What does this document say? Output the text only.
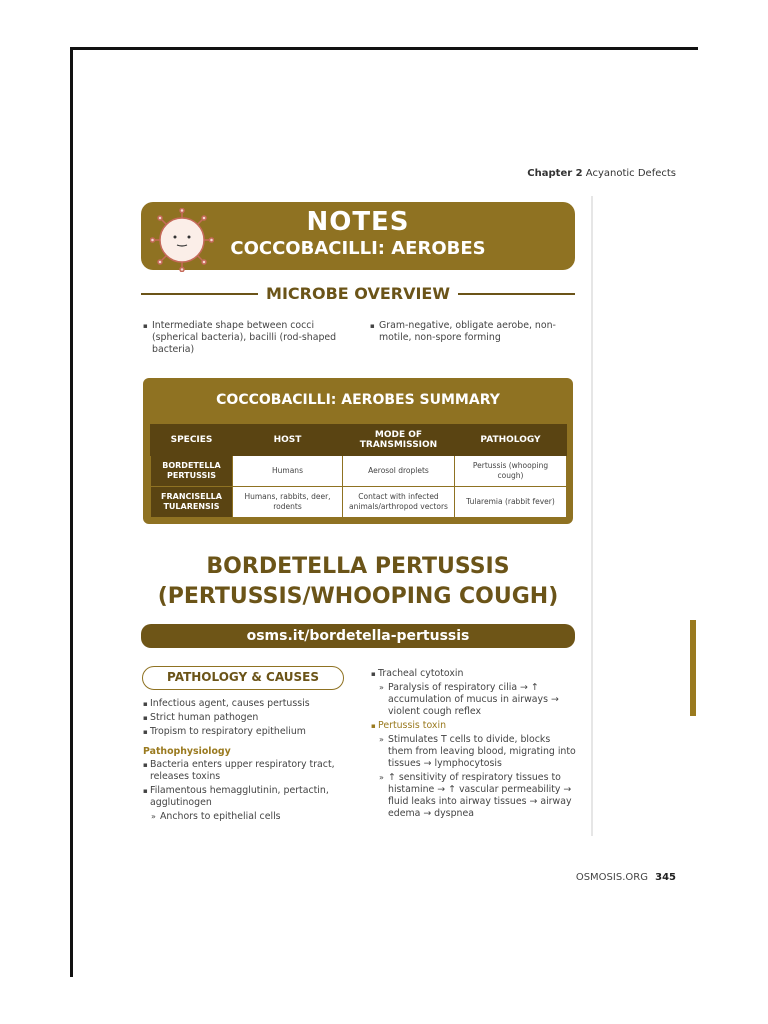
Chapter 2 Acyanotic Defects
NOTES
COCCOBACILLI: AEROBES
MICROBE OVERVIEW
▪ Intermediate shape between cocci (spherical bacteria), bacilli (rod-shaped bacteria)
▪ Gram-negative, obligate aerobe, non-motile, non-spore forming
COCCOBACILLI: AEROBES SUMMARY
SPECIES	HOST	MODE OF TRANSMISSION	PATHOLOGY
BORDETELLA PERTUSSIS	Humans	Aerosol droplets	Pertussis (whooping cough)
FRANCISELLA TULARENSIS	Humans, rabbits, deer, rodents	Contact with infected animals/arthropod vectors	Tularemia (rabbit fever)
BORDETELLA PERTUSSIS
(PERTUSSIS/WHOOPING COUGH)
osms.it/bordetella-pertussis
PATHOLOGY & CAUSES
▪ Infectious agent, causes pertussis
▪ Strict human pathogen
▪ Tropism to respiratory epithelium
Pathophysiology
▪ Bacteria enters upper respiratory tract, releases toxins
▪ Filamentous hemagglutinin, pertactin, agglutinogen
» Anchors to epithelial cells
▪ Tracheal cytotoxin
» Paralysis of respiratory cilia → ↑ accumulation of mucus in airways → violent cough reflex
▪ Pertussis toxin
» Stimulates T cells to divide, blocks them from leaving blood, migrating into tissues → lymphocytosis
» ↑ sensitivity of respiratory tissues to histamine → ↑ vascular permeability → fluid leaks into airway tissues → airway edema → dyspnea
OSMOSIS.ORG 345
